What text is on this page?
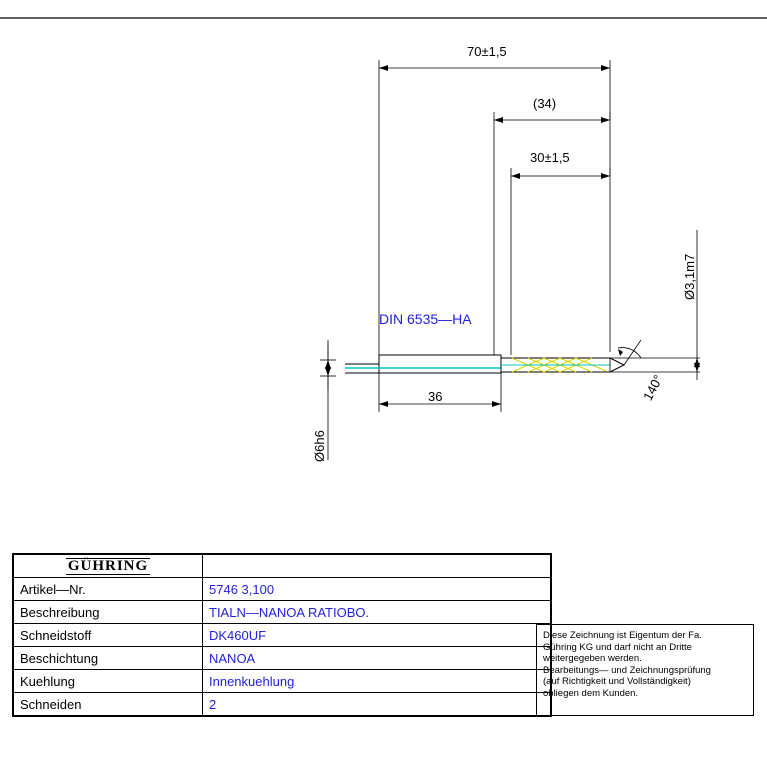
70±1,5
(34)
30±1,5
36	140°
Ø6h6
Ø3,1m7
DIN 6535—HA
GÜHRING	

Artikel—Nr.	5746 3,100
Beschreibung	TIALN—NANOA RATIOBO.
Schneidstoff	DK460UF
Beschichtung	NANOA
Kuehlung	Innenkuehlung
Schneiden	2

Diese Zeichnung ist Eigentum der Fa.

Gühring KG und darf nicht an Dritte

weitergegeben werden.

Bearbeitungs— und Zeichnungsprüfung

(auf Richtigkeit und Vollständigkeit)

obliegen dem Kunden.
